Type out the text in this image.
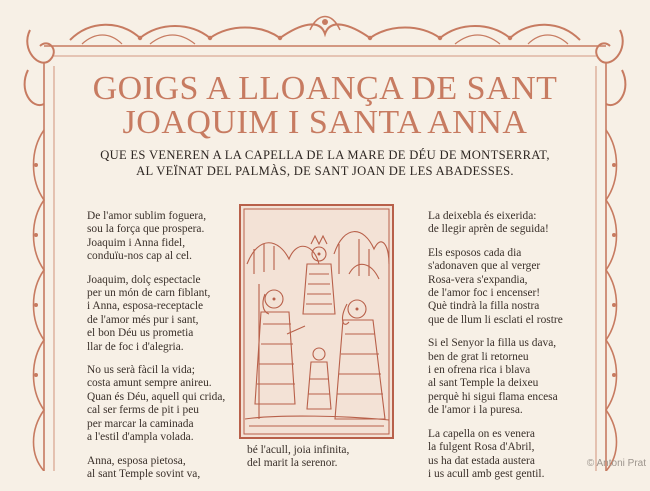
GOIGS A LLOANÇA DE SANT
JOAQUIM I SANTA ANNA
QUE ES VENEREN A LA CAPELLA DE LA MARE DE DÉU DE MONTSERRAT,
AL VEÏNAT DEL PALMÀS, DE SANT JOAN DE LES ABADESSES.
De l'amor sublim foguera,
sou la força que prospera.
Joaquim i Anna fidel,
conduïu-nos cap al cel.
Joaquim, dolç espectacle
per un món de carn fiblant,
i Anna, esposa-receptacle
de l'amor més pur i sant,
el bon Déu us prometia
llar de foc i d'alegria.
No us serà fàcil la vida;
costa amunt sempre anireu.
Quan és Déu, aquell qui crida,
cal ser ferms de pit i peu
per marcar la caminada
a l'estil d'ampla volada.
Anna, esposa pietosa,
al sant Temple sovint va,
bé l'acull, joia infinita,
del marit la serenor.
La deixebla és eixerida:
de llegir aprèn de seguida!
Els esposos cada dia
s'adonaven que al verger
Rosa-vera s'expandia,
de l'amor foc i encenser!
Què tindrà la filla nostra
que de llum li esclati el rostre
Si el Senyor la filla us dava,
ben de grat li retorneu
i en ofrena rica i blava
al sant Temple la deixeu
perquè hi sigui flama encesa
de l'amor i la puresa.
La capella on es venera
la fulgent Rosa d'Abril,
us ha dat estada austera
i us acull amb gest gentil.
© Antoni Prat
